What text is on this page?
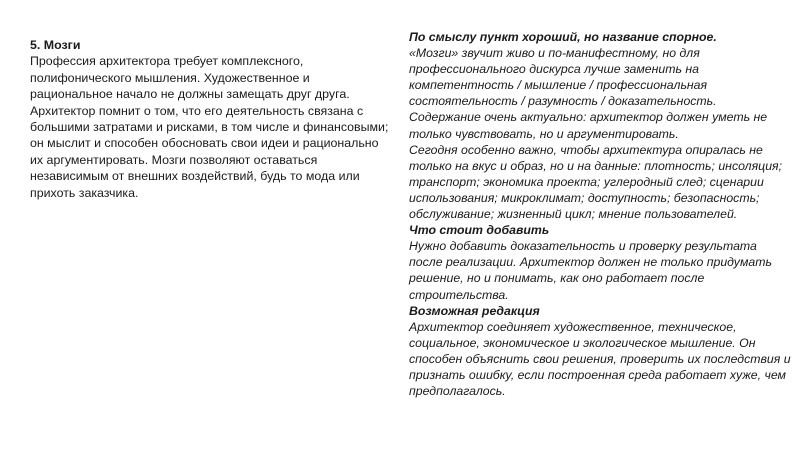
5. Мозги
Профессия архитектора требует комплексного, полифонического мышления. Художественное и рациональное начало не должны замещать друг друга. Архитектор помнит о том, что его деятельность связана с большими затратами и рисками, в том числе и финансовыми; он мыслит и способен обосновать свои идеи и рационально их аргументировать. Мозги позволяют оставаться независимым от внешних воздействий, будь то мода или прихоть заказчика.
По смыслу пункт хороший, но название спорное.
«Мозги» звучит живо и по-манифестному, но для профессионального дискурса лучше заменить на компетентность / мышление / профессиональная состоятельность / разумность / доказательность.
Содержание очень актуально: архитектор должен уметь не только чувствовать, но и аргументировать.
Сегодня особенно важно, чтобы архитектура опиралась не только на вкус и образ, но и на данные: плотность; инсоляция; транспорт; экономика проекта; углеродный след; сценарии использования; микроклимат; доступность; безопасность; обслуживание; жизненный цикл; мнение пользователей.
Что стоит добавить
Нужно добавить доказательность и проверку результата после реализации. Архитектор должен не только придумать решение, но и понимать, как оно работает после строительства.
Возможная редакция
Архитектор соединяет художественное, техническое, социальное, экономическое и экологическое мышление. Он способен объяснить свои решения, проверить их последствия и признать ошибку, если построенная среда работает хуже, чем предполагалось.
